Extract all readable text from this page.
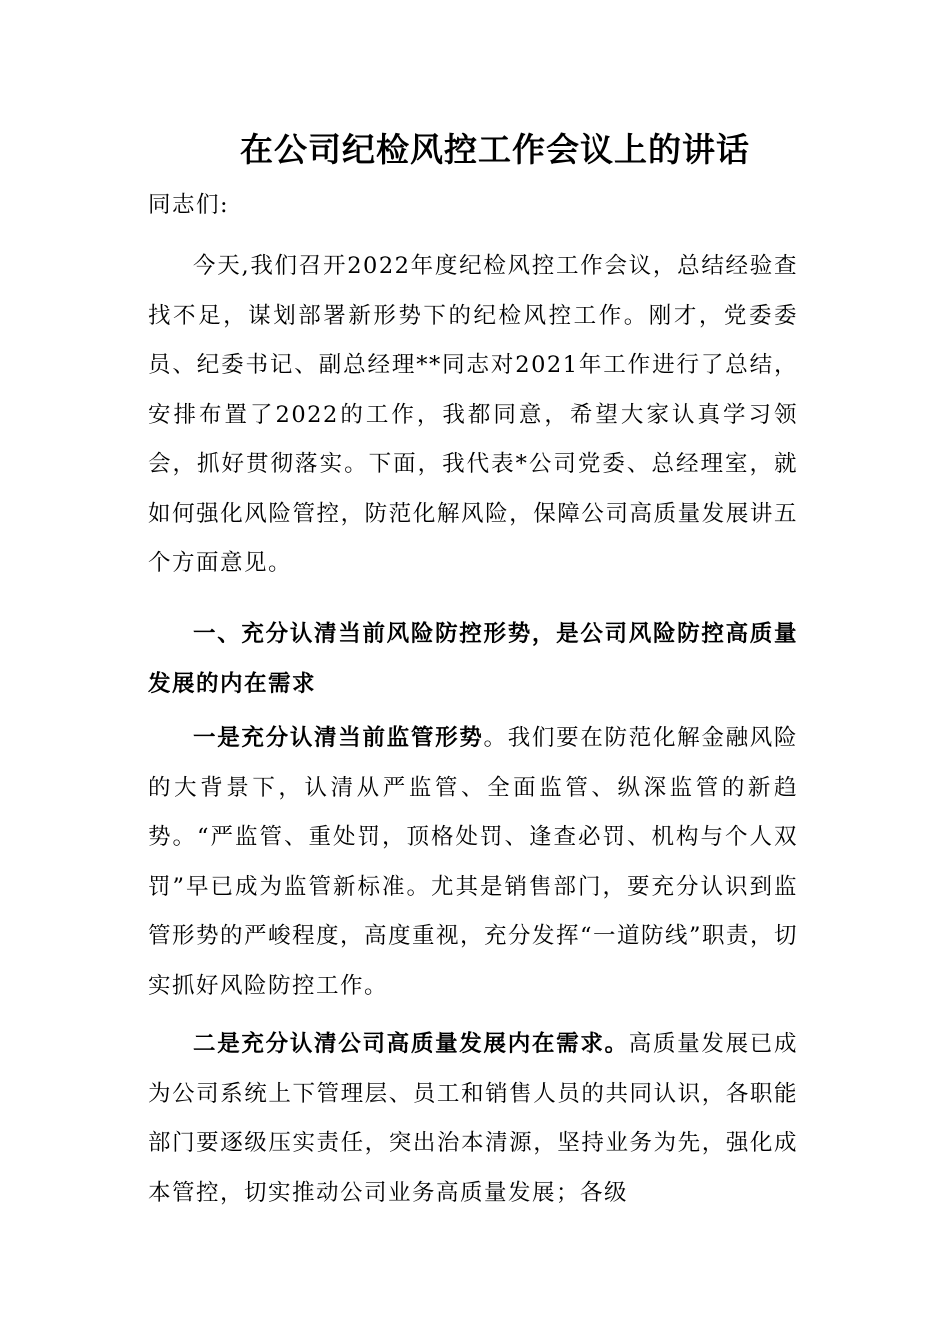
在公司纪检风控工作会议上的讲话

同志们:

今天,我们召开2022年度纪检风控工作会议，总结经验查找不足，谋划部署新形势下的纪检风控工作。刚才，党委委员、纪委书记、副总经理**同志对2021年工作进行了总结，安排布置了2022的工作，我都同意，希望大家认真学习领会，抓好贯彻落实。下面，我代表*公司党委、总经理室，就如何强化风险管控，防范化解风险，保障公司高质量发展讲五个方面意见。

一、充分认清当前风险防控形势，是公司风险防控高质量发展的内在需求

一是充分认清当前监管形势。我们要在防范化解金融风险的大背景下，认清从严监管、全面监管、纵深监管的新趋势。“严监管、重处罚，顶格处罚、逢查必罚、机构与个人双罚”早已成为监管新标准。尤其是销售部门，要充分认识到监管形势的严峻程度，高度重视，充分发挥“一道防线”职责，切实抓好风险防控工作。

二是充分认清公司高质量发展内在需求。高质量发展已成为公司系统上下管理层、员工和销售人员的共同认识，各职能部门要逐级压实责任，突出治本清源，坚持业务为先，强化成本管控，切实推动公司业务高质量发展；各级
